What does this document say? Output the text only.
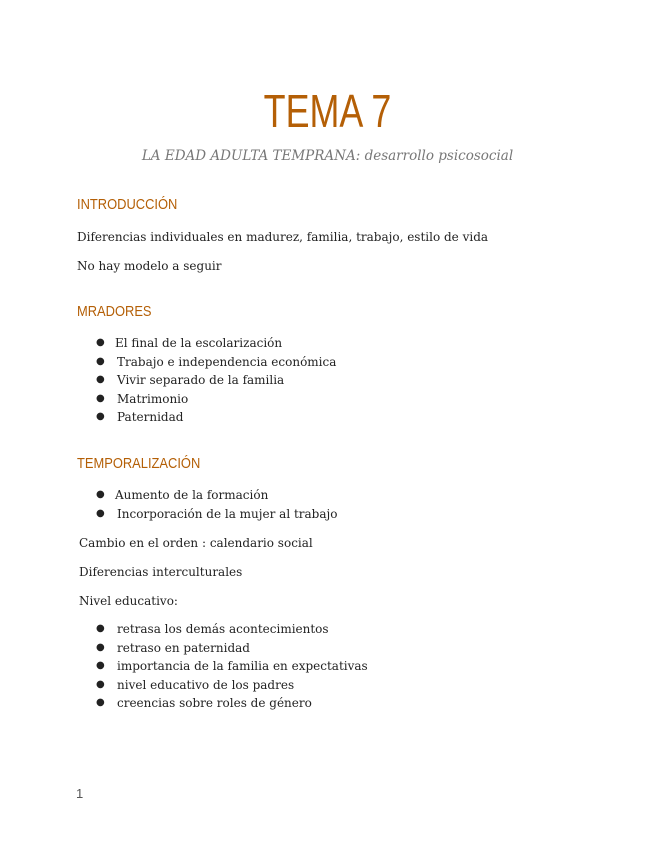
TEMA 7
LA EDAD ADULTA TEMPRANA: desarrollo psicosocial
INTRODUCCIÓN
Diferencias individuales en madurez, familia, trabajo, estilo de vida
No hay modelo a seguir
MRADORES
● El final de la escolarización
● Trabajo e independencia económica
● Vivir separado de la familia
● Matrimonio
● Paternidad
TEMPORALIZACIÓN
● Aumento de la formación
● Incorporación de la mujer al trabajo
Cambio en el orden : calendario social
Diferencias interculturales
Nivel educativo:
● retrasa los demás acontecimientos
● retraso en paternidad
● importancia de la familia en expectativas
● nivel educativo de los padres
● creencias sobre roles de género
1
